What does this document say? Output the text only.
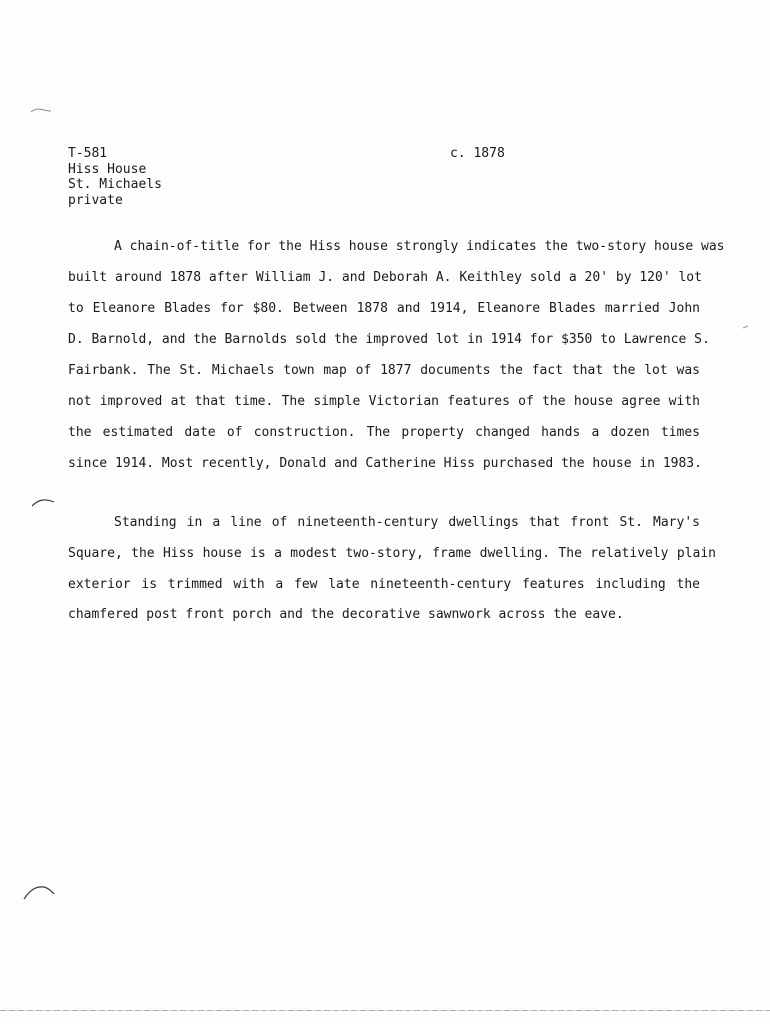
T-581
Hiss House
St. Michaels
private
c. 1878
A chain-of-title for the Hiss house strongly indicates the two-story house was
built around 1878 after William J. and Deborah A. Keithley sold a 20' by 120' lot
to Eleanore Blades for $80. Between 1878 and 1914, Eleanore Blades married John
D. Barnold, and the Barnolds sold the improved lot in 1914 for $350 to Lawrence S.
Fairbank. The St. Michaels town map of 1877 documents the fact that the lot was
not improved at that time. The simple Victorian features of the house agree with
the estimated date of construction. The property changed hands a dozen times
since 1914. Most recently, Donald and Catherine Hiss purchased the house in 1983.
Standing in a line of nineteenth-century dwellings that front St. Mary's
Square, the Hiss house is a modest two-story, frame dwelling. The relatively plain
exterior is trimmed with a few late nineteenth-century features including the
chamfered post front porch and the decorative sawnwork across the eave.
